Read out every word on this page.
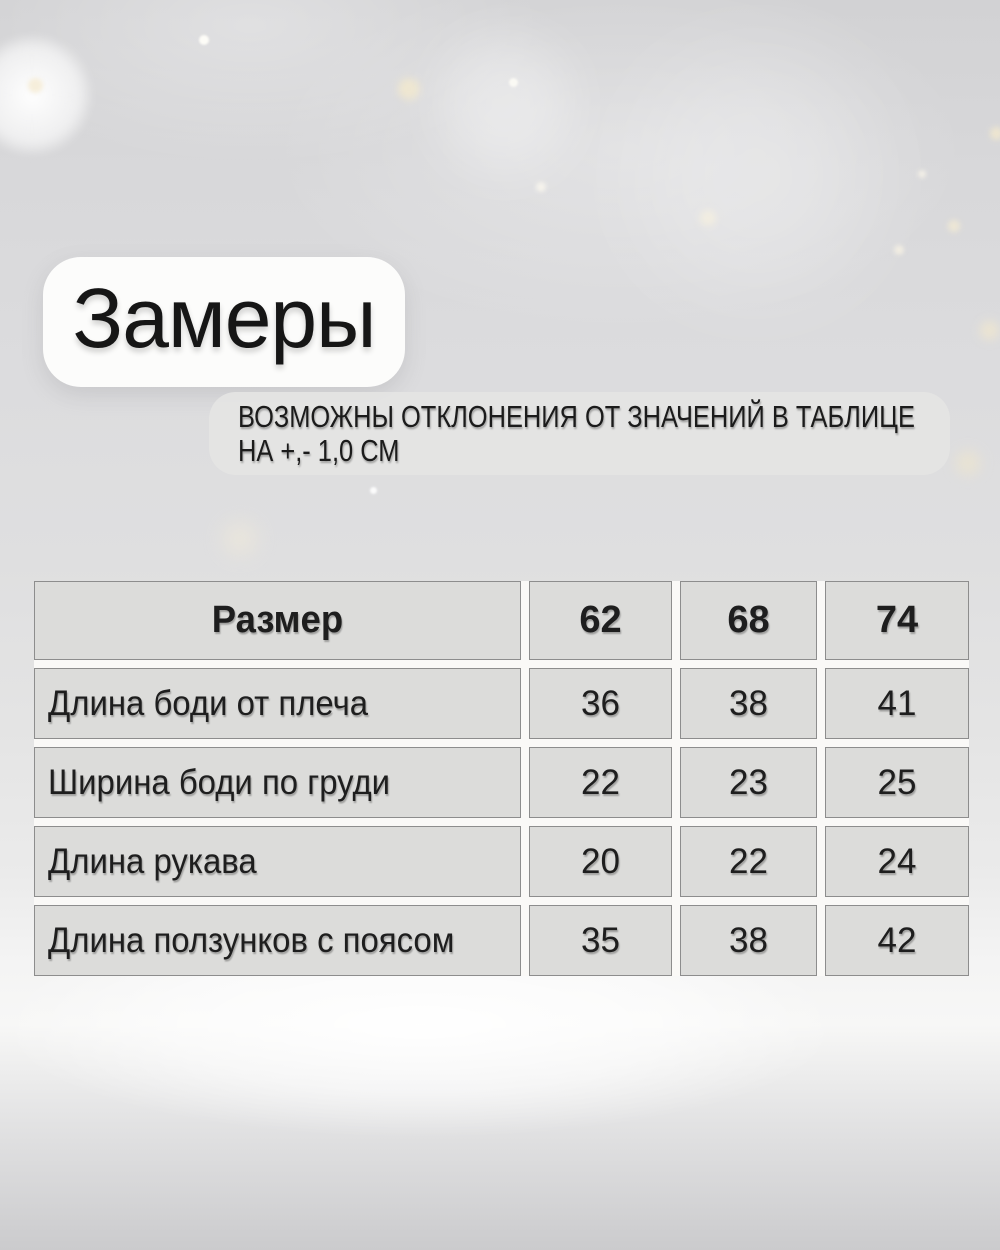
Замеры
ВОЗМОЖНЫ ОТКЛОНЕНИЯ ОТ ЗНАЧЕНИЙ В ТАБЛИЦЕ
НА +,- 1,0 СМ
Размер	62	68	74
Длина боди от плеча	36	38	41
Ширина боди по груди	22	23	25
Длина рукава	20	22	24
Длина ползунков с поясом	35	38	42
